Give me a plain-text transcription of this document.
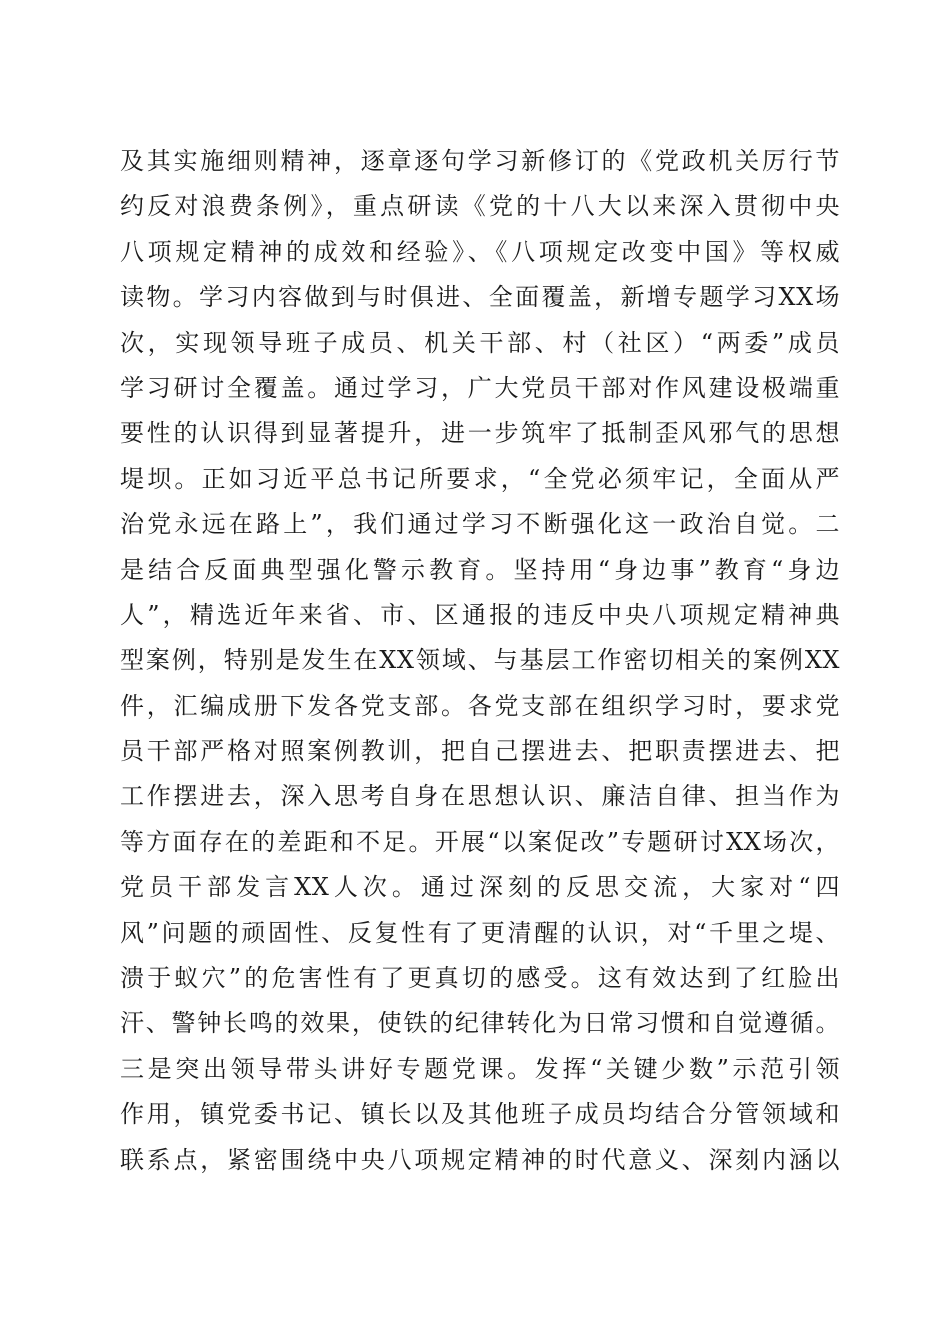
及其实施细则精神，逐章逐句学习新修订的《党政机关厉行节
约反对浪费条例》，重点研读《党的十八大以来深入贯彻中央
八项规定精神的成效和经验》、《八项规定改变中国》等权威
读物。学习内容做到与时俱进、全面覆盖，新增专题学习XX场
次，实现领导班子成员、机关干部、村（社区）“两委”成员
学习研讨全覆盖。通过学习，广大党员干部对作风建设极端重
要性的认识得到显著提升，进一步筑牢了抵制歪风邪气的思想
堤坝。正如习近平总书记所要求，“全党必须牢记，全面从严
治党永远在路上”，我们通过学习不断强化这一政治自觉。二
是结合反面典型强化警示教育。坚持用“身边事”教育“身边
人”，精选近年来省、市、区通报的违反中央八项规定精神典
型案例，特别是发生在XX领域、与基层工作密切相关的案例XX
件，汇编成册下发各党支部。各党支部在组织学习时，要求党
员干部严格对照案例教训，把自己摆进去、把职责摆进去、把
工作摆进去，深入思考自身在思想认识、廉洁自律、担当作为
等方面存在的差距和不足。开展“以案促改”专题研讨XX场次，
党员干部发言XX人次。通过深刻的反思交流，大家对“四
风”问题的顽固性、反复性有了更清醒的认识，对“千里之堤、
溃于蚁穴”的危害性有了更真切的感受。这有效达到了红脸出
汗、警钟长鸣的效果，使铁的纪律转化为日常习惯和自觉遵循。
三是突出领导带头讲好专题党课。发挥“关键少数”示范引领
作用，镇党委书记、镇长以及其他班子成员均结合分管领域和
联系点，紧密围绕中央八项规定精神的时代意义、深刻内涵以
